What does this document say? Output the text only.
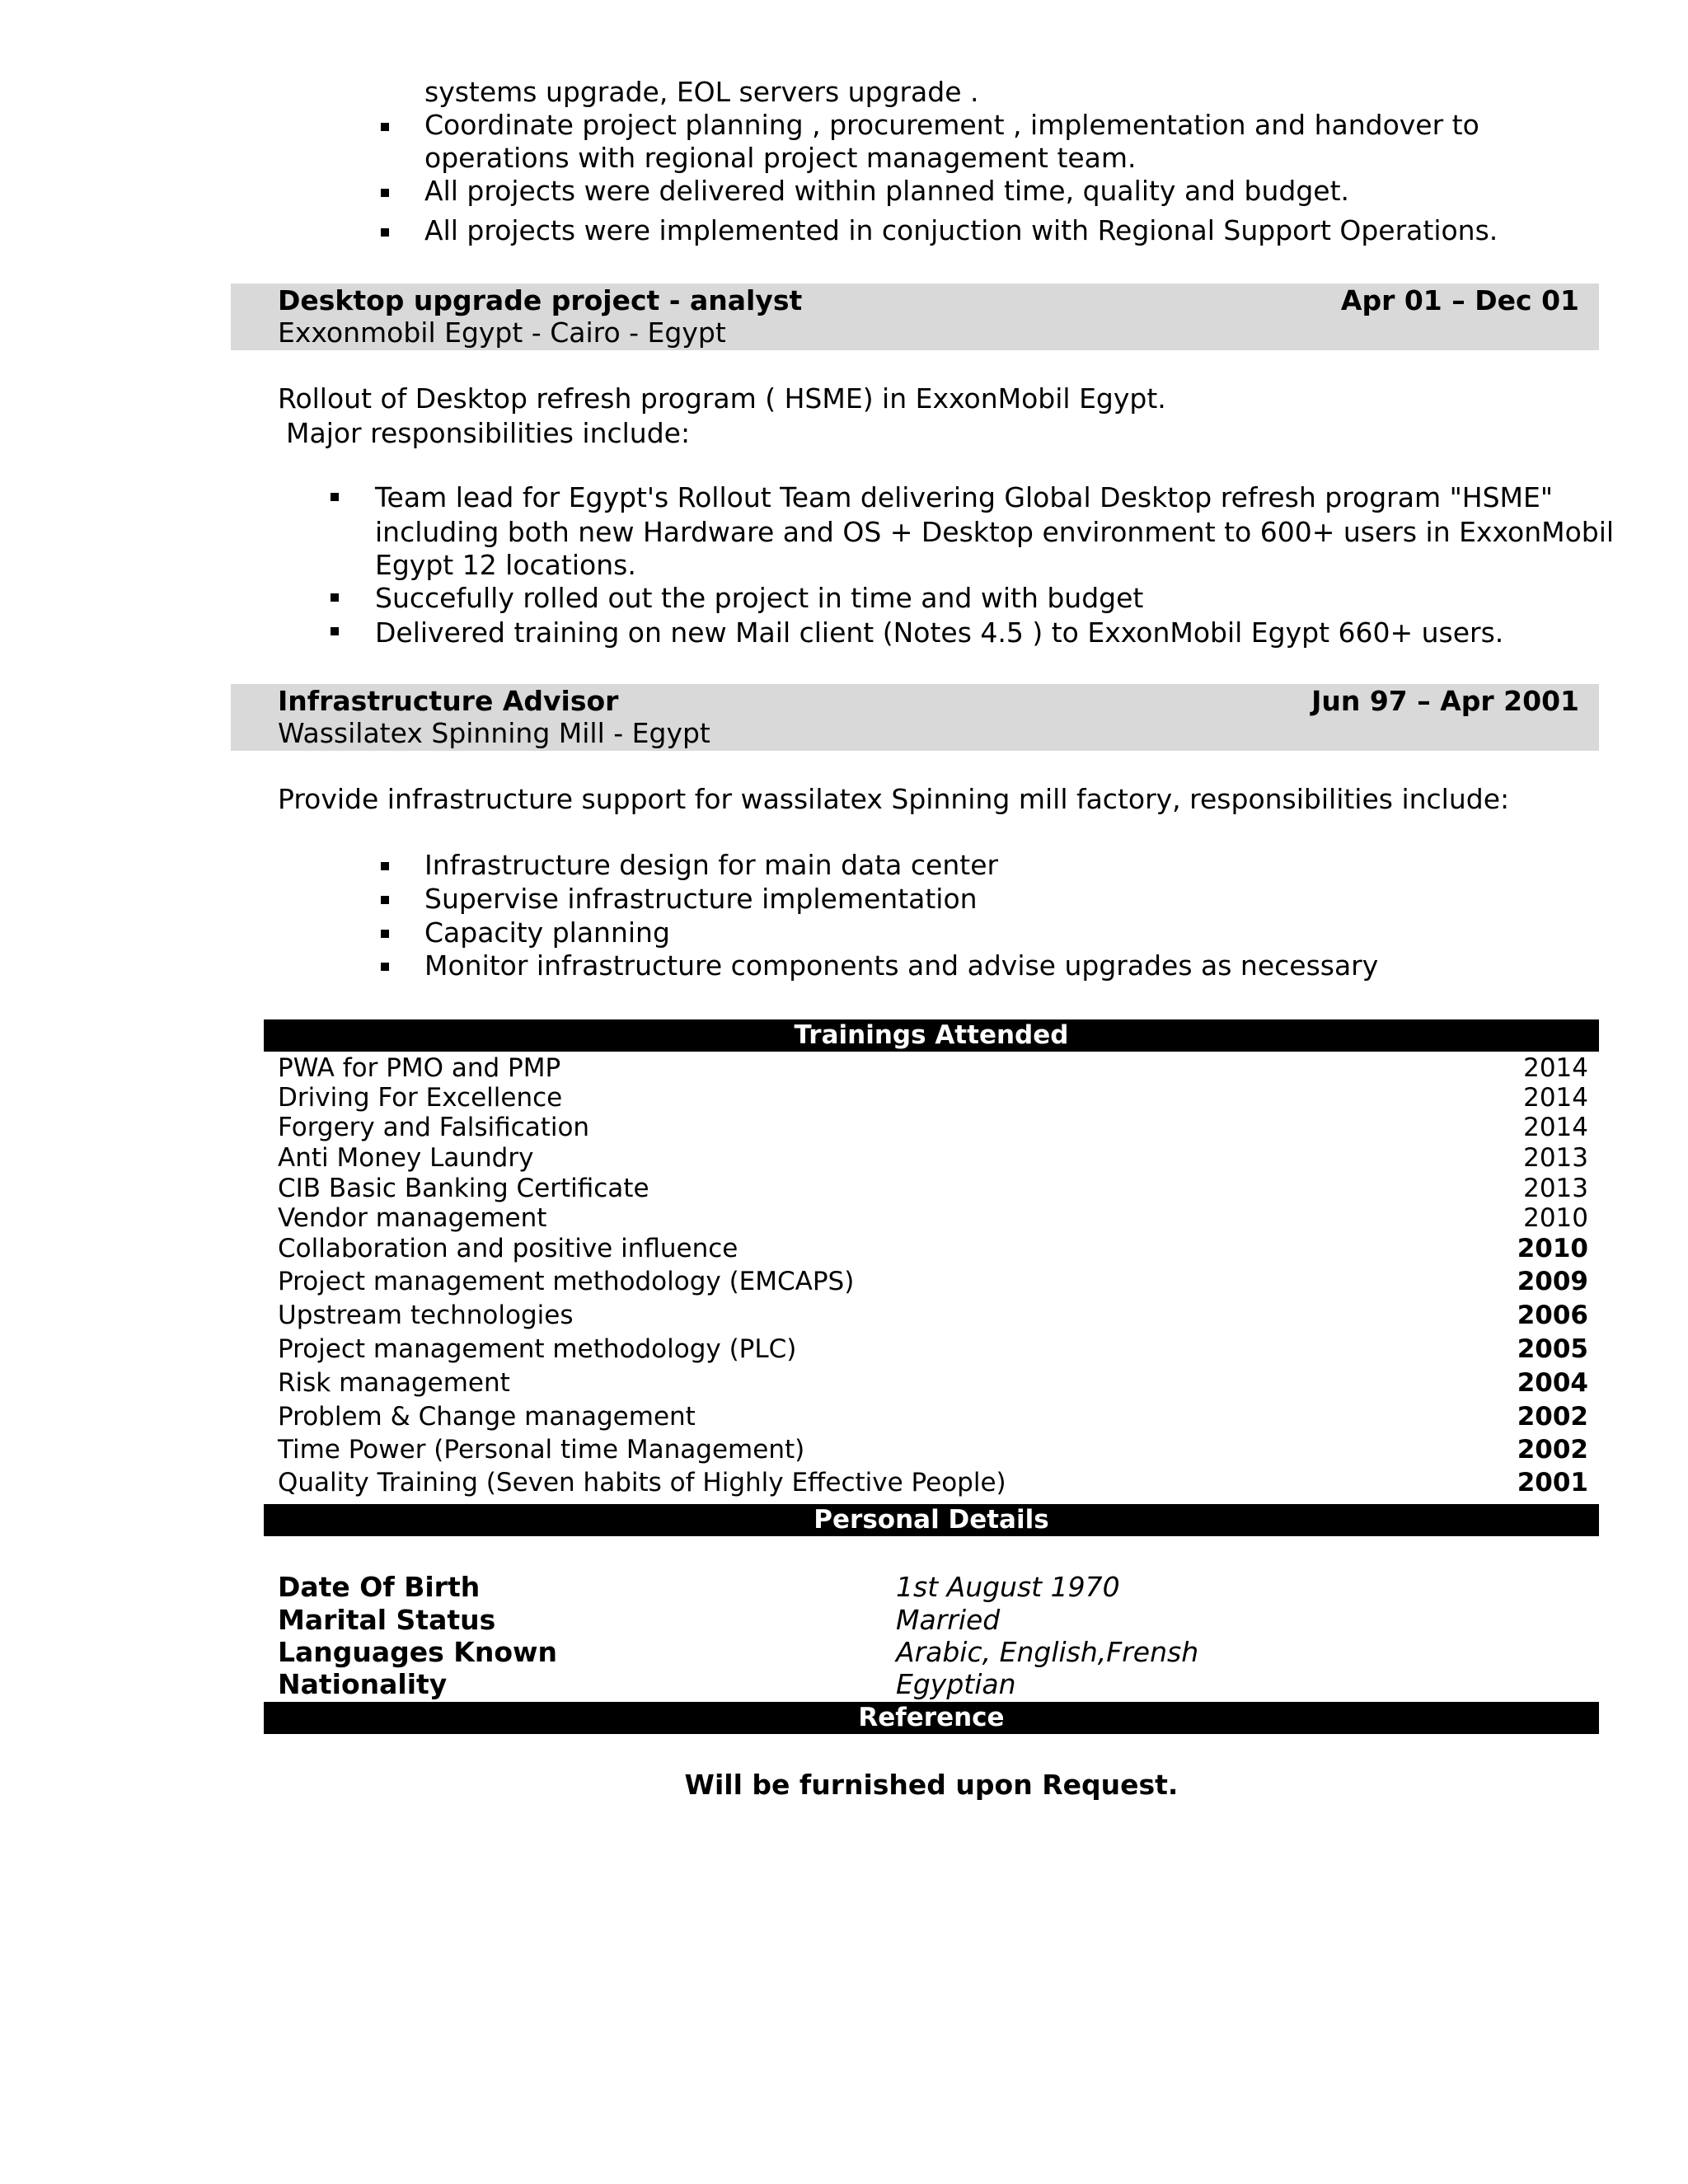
systems upgrade, EOL servers upgrade .
Coordinate project planning , procurement , implementation and handover to
operations with regional project management team.
All projects were delivered within planned time, quality and budget.
All projects were implemented in conjuction with Regional Support Operations.
Desktop upgrade project - analyst	Apr 01 – Dec 01
Exxonmobil Egypt - Cairo - Egypt
Rollout of Desktop refresh program ( HSME) in ExxonMobil Egypt.
Major responsibilities include:
Team lead for Egypt's Rollout Team delivering Global Desktop refresh program "HSME"
including both new Hardware and OS + Desktop environment to 600+ users in ExxonMobil
Egypt 12 locations.
Succefully rolled out the project in time and with budget
Delivered training on new Mail client (Notes 4.5 ) to ExxonMobil Egypt 660+ users.
Infrastructure Advisor	Jun 97 – Apr 2001
Wassilatex Spinning Mill - Egypt
Provide infrastructure support for wassilatex Spinning mill factory, responsibilities include:
Infrastructure design for main data center
Supervise infrastructure implementation
Capacity planning
Monitor infrastructure components and advise upgrades as necessary
Trainings Attended
PWA for PMO and PMP	2014
Driving For Excellence	2014
Forgery and Falsification	2014
Anti Money Laundry	2013
CIB Basic Banking Certificate	2013
Vendor management	2010
Collaboration and positive influence	2010
Project management methodology (EMCAPS)	2009
Upstream technologies	2006
Project management methodology (PLC)	2005
Risk management	2004
Problem & Change management	2002
Time Power (Personal time Management)	2002
Quality Training (Seven habits of Highly Effective People)	2001
Personal Details
Date Of Birth	1st August 1970
Marital Status	Married
Languages Known	Arabic, English,Frensh
Nationality	Egyptian
Reference
Will be furnished upon Request.
